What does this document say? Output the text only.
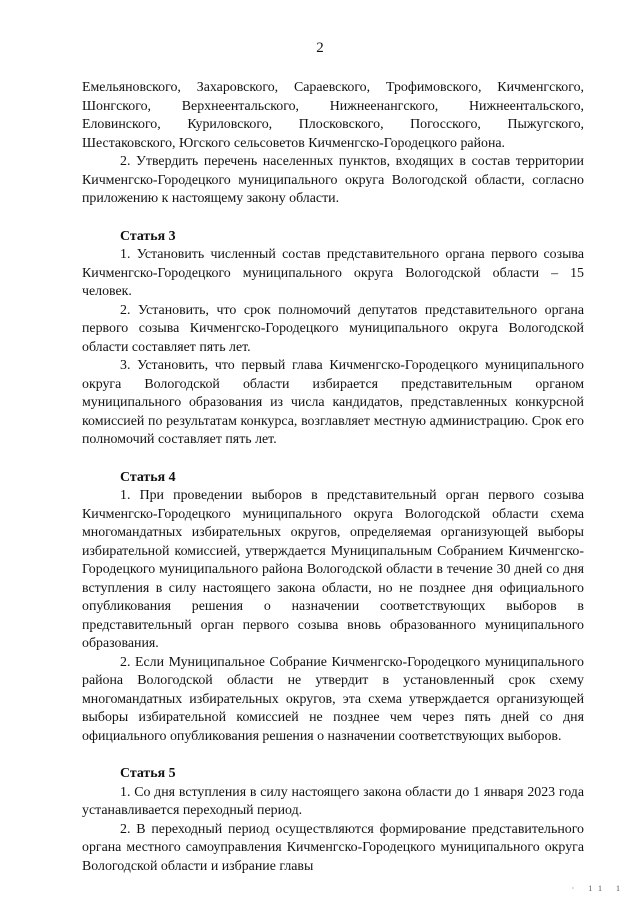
2

Емельяновского, Захаровского, Сараевского, Трофимовского, Кичменгского, Шонгского, Верхнеентальского, Нижнеенангского, Нижнеентальского, Еловинского, Куриловского, Плосковского, Погосского, Пыжугского, Шестаковского, Югского сельсоветов Кичменгско-Городецкого района.

2. Утвердить перечень населенных пунктов, входящих в состав территории Кичменгско-Городецкого муниципального округа Вологодской области, согласно приложению к настоящему закону области.

Статья 3

1. Установить численный состав представительного органа первого созыва Кичменгско-Городецкого муниципального округа Вологодской области – 15 человек.

2. Установить, что срок полномочий депутатов представительного органа первого созыва Кичменгско-Городецкого муниципального округа Вологодской области составляет пять лет.

3. Установить, что первый глава Кичменгско-Городецкого муниципального округа Вологодской области избирается представительным органом муниципального образования из числа кандидатов, представленных конкурсной комиссией по результатам конкурса, возглавляет местную администрацию. Срок его полномочий составляет пять лет.

Статья 4

1. При проведении выборов в представительный орган первого созыва Кичменгско-Городецкого муниципального округа Вологодской области схема многомандатных избирательных округов, определяемая организующей выборы избирательной комиссией, утверждается Муниципальным Собранием Кичменгско-Городецкого муниципального района Вологодской области в течение 30 дней со дня вступления в силу настоящего закона области, но не позднее дня официального опубликования решения о назначении соответствующих выборов в представительный орган первого созыва вновь образованного муниципального образования.

2. Если Муниципальное Собрание Кичменгско-Городецкого муниципального района Вологодской области не утвердит в установленный срок схему многомандатных избирательных округов, эта схема утверждается организующей выборы избирательной комиссией не позднее чем через пять дней со дня официального опубликования решения о назначении соответствующих выборов.

Статья 5

1. Со дня вступления в силу настоящего закона области до 1 января 2023 года устанавливается переходный период.

2. В переходный период осуществляются формирование представительного органа местного самоуправления Кичменгско-Городецкого муниципального округа Вологодской области и избрание главы

· 11 1
